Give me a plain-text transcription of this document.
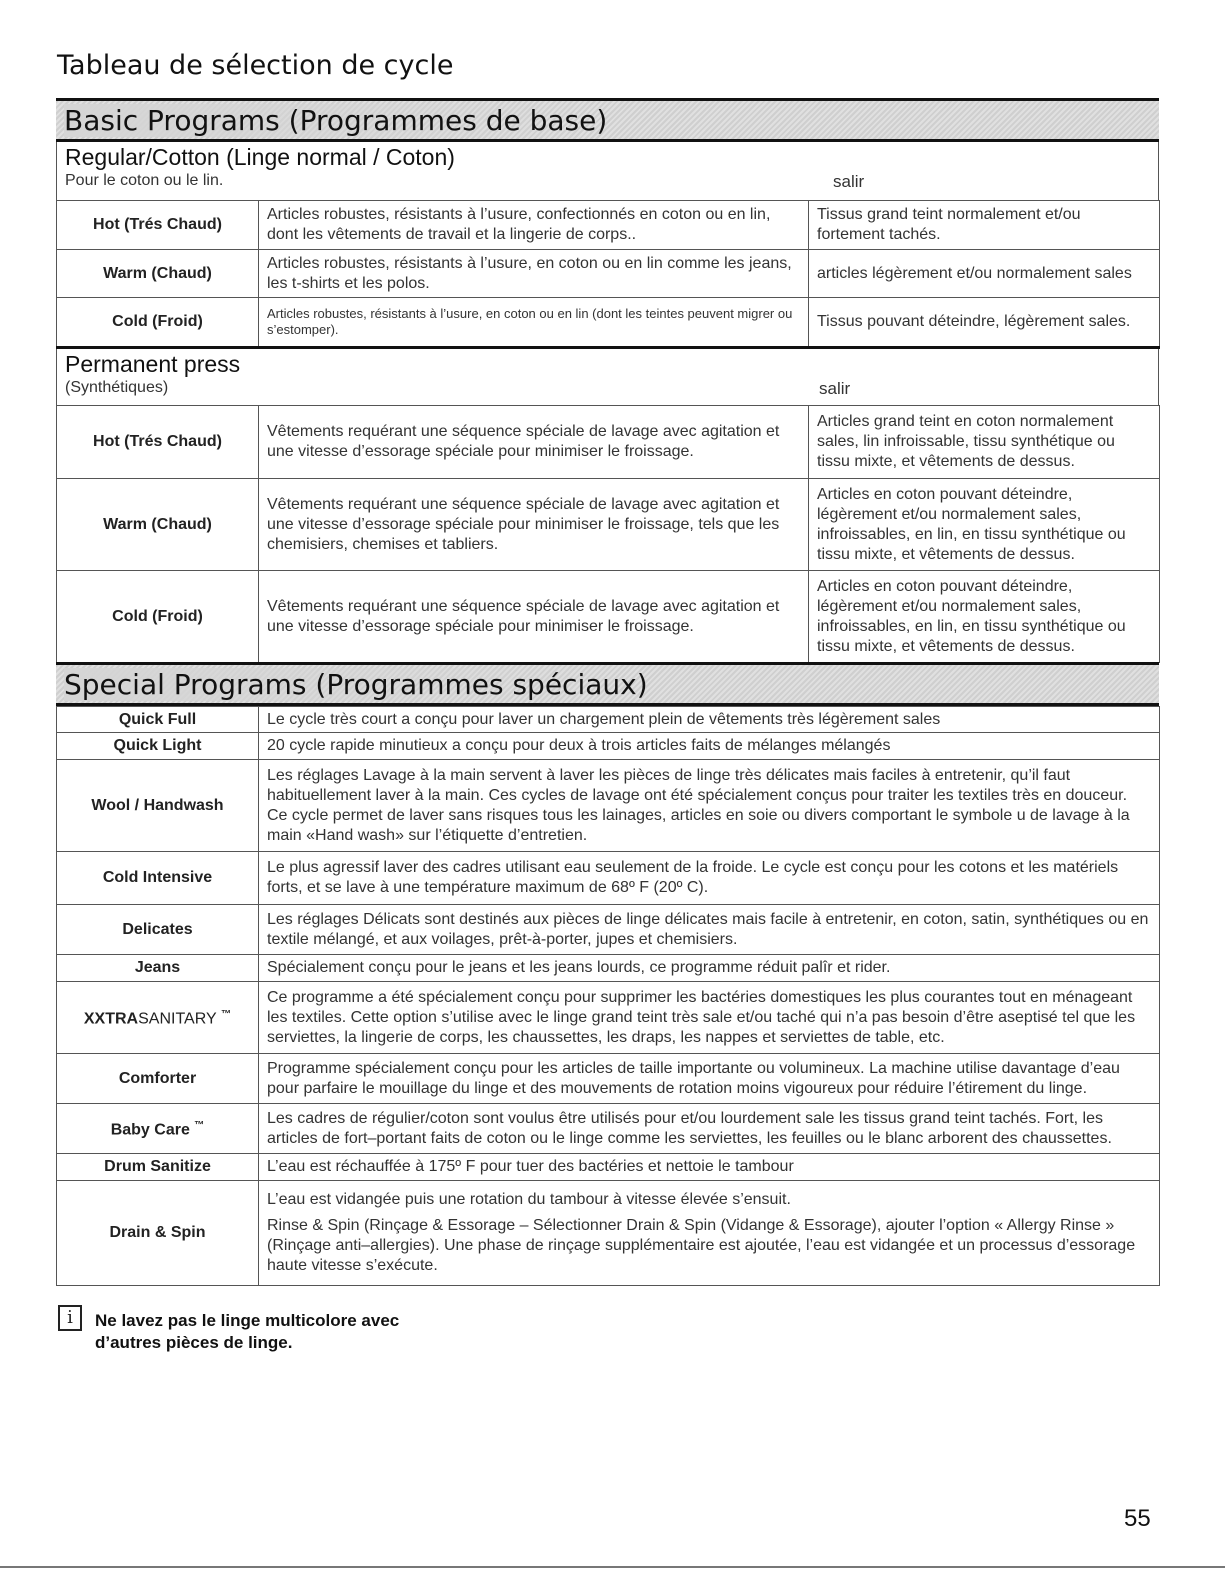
Tableau de sélection de cycle
Basic Programs (Programmes de base)
Regular/Cotton (Linge normal / Coton)
Pour le coton ou le lin.	salir
Hot (Trés Chaud)	Articles robustes, résistants à l’usure, confectionnés en coton ou en lin, dont les vêtements de travail et la lingerie de corps..	Tissus grand teint normalement et/ou fortement tachés.
Warm (Chaud)	Articles robustes, résistants à l’usure, en coton ou en lin comme les jeans, les t-shirts et les polos.	articles légèrement et/ou normalement sales
Cold (Froid)	Articles robustes, résistants à l’usure, en coton ou en lin (dont les teintes peuvent migrer ou s’estomper).	Tissus pouvant déteindre, légèrement sales.
Permanent press
(Synthétiques)	salir
Hot (Trés Chaud)	Vêtements requérant une séquence spéciale de lavage avec agitation et une vitesse d’essorage spéciale pour minimiser le froissage.	Articles grand teint en coton normalement sales, lin infroissable, tissu synthétique ou tissu mixte, et vêtements de dessus.
Warm (Chaud)	Vêtements requérant une séquence spéciale de lavage avec agitation et une vitesse d’essorage spéciale pour minimiser le froissage, tels que les chemisiers, chemises et tabliers.	Articles en coton pouvant déteindre, légèrement et/ou normalement sales, infroissables, en lin, en tissu synthétique ou tissu mixte, et vêtements de dessus.
Cold (Froid)	Vêtements requérant une séquence spéciale de lavage avec agitation et une vitesse d’essorage spéciale pour minimiser le froissage.	Articles en coton pouvant déteindre, légèrement et/ou normalement sales, infroissables, en lin, en tissu synthétique ou tissu mixte, et vêtements de dessus.
Special Programs (Programmes spéciaux)
Quick Full	Le cycle très court a conçu pour laver un chargement plein de vêtements très légèrement sales
Quick Light	20 cycle rapide minutieux a conçu pour deux à trois articles faits de mélanges mélangés
Wool / Handwash	Les réglages Lavage à la main servent à laver les pièces de linge très délicates mais faciles à entretenir, qu’il faut habituellement laver à la main. Ces cycles de lavage ont été spécialement conçus pour traiter les textiles très en douceur. Ce cycle permet de laver sans risques tous les lainages, articles en soie ou divers comportant le symbole u de lavage à la main «Hand wash» sur l’étiquette d’entretien.
Cold Intensive	Le plus agressif laver des cadres utilisant eau seulement de la froide. Le cycle est conçu pour les cotons et les matériels forts, et se lave à une température maximum de 68º F (20º C).
Delicates	Les réglages Délicats sont destinés aux pièces de linge délicates mais facile à entretenir, en coton, satin, synthétiques ou en textile mélangé, et aux voilages, prêt-à-porter, jupes et chemisiers.
Jeans	Spécialement conçu pour le jeans et les jeans lourds, ce programme réduit palîr et rider.
XXTRASANITARY ™	Ce programme a été spécialement conçu pour supprimer les bactéries domestiques les plus courantes tout en ménageant les textiles. Cette option s’utilise avec le linge grand teint très sale et/ou taché qui n’a pas besoin d’être aseptisé tel que les serviettes, la lingerie de corps, les chaussettes, les draps, les nappes et serviettes de table, etc.
Comforter	Programme spécialement conçu pour les articles de taille importante ou volumineux. La machine utilise davantage d’eau pour parfaire le mouillage du linge et des mouvements de rotation moins vigoureux pour réduire l’étirement du linge.
Baby Care ™	Les cadres de régulier/coton sont voulus être utilisés pour et/ou lourdement sale les tissus grand teint tachés. Fort, les articles de fort–portant faits de coton ou le linge comme les serviettes, les feuilles ou le blanc arborent des chaussettes.
Drum Sanitize	L’eau est réchauffée à 175º F pour tuer des bactéries et nettoie le tambour
Drain & Spin	L’eau est vidangée puis une rotation du tambour à vitesse élevée s’ensuit.
Rinse & Spin (Rinçage & Essorage – Sélectionner Drain & Spin (Vidange & Essorage), ajouter l’option « Allergy Rinse » (Rinçage anti–allergies). Une phase de rinçage supplémentaire est ajoutée, l’eau est vidangée et un processus d’essorage haute vitesse s’exécute.
i	Ne lavez pas le linge multicolore avec d’autres pièces de linge.
55
